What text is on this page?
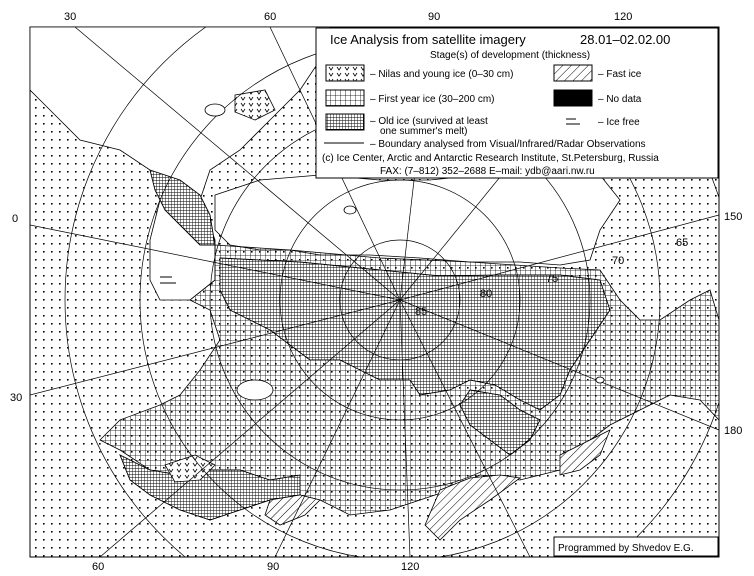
85
80
75
70
65
30	60	90	120
0
30
150
180
60	90	120
Ice Analysis from satellite imagery	28.01–02.02.00
Stage(s) of development (thickness)
– Nilas and young ice (0–30 cm)	– Fast ice
– First year ice (30–200 cm)	– No data
– Old ice (survived at least
one summer's melt)
– Ice free
– Boundary analysed from Visual/Infrared/Radar Observations
(c) Ice Center, Arctic and Antarctic Research Institute, St.Petersburg, Russia
FAX: (7–812) 352–2688 E–mail: ydb@aari.nw.ru
Programmed by Shvedov E.G.
